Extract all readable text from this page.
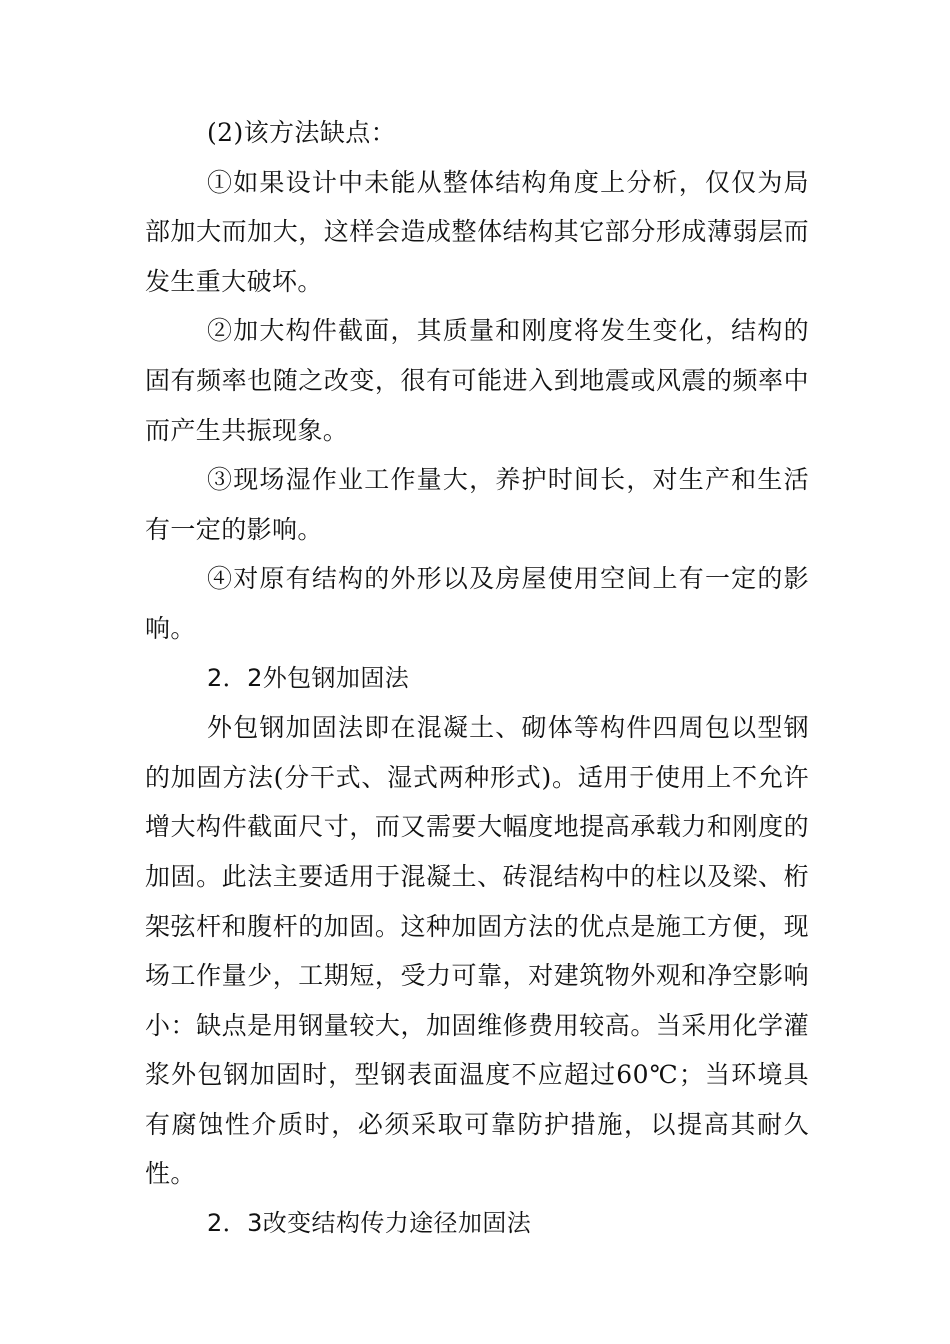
(2)该方法缺点：

①如果设计中未能从整体结构角度上分析，仅仅为局部加大而加大，这样会造成整体结构其它部分形成薄弱层而发生重大破坏。

②加大构件截面，其质量和刚度将发生变化，结构的固有频率也随之改变，很有可能进入到地震或风震的频率中而产生共振现象。

③现场湿作业工作量大，养护时间长，对生产和生活有一定的影响。

④对原有结构的外形以及房屋使用空间上有一定的影响。

2．2外包钢加固法

外包钢加固法即在混凝土、砌体等构件四周包以型钢的加固方法(分干式、湿式两种形式)。适用于使用上不允许增大构件截面尺寸，而又需要大幅度地提高承载力和刚度的加固。此法主要适用于混凝土、砖混结构中的柱以及梁、桁架弦杆和腹杆的加固。这种加固方法的优点是施工方便，现场工作量少，工期短，受力可靠，对建筑物外观和净空影响小：缺点是用钢量较大，加固维修费用较高。当采用化学灌浆外包钢加固时，型钢表面温度不应超过60℃；当环境具有腐蚀性介质时，必须采取可靠防护措施，以提高其耐久性。

2．3改变结构传力途径加固法
